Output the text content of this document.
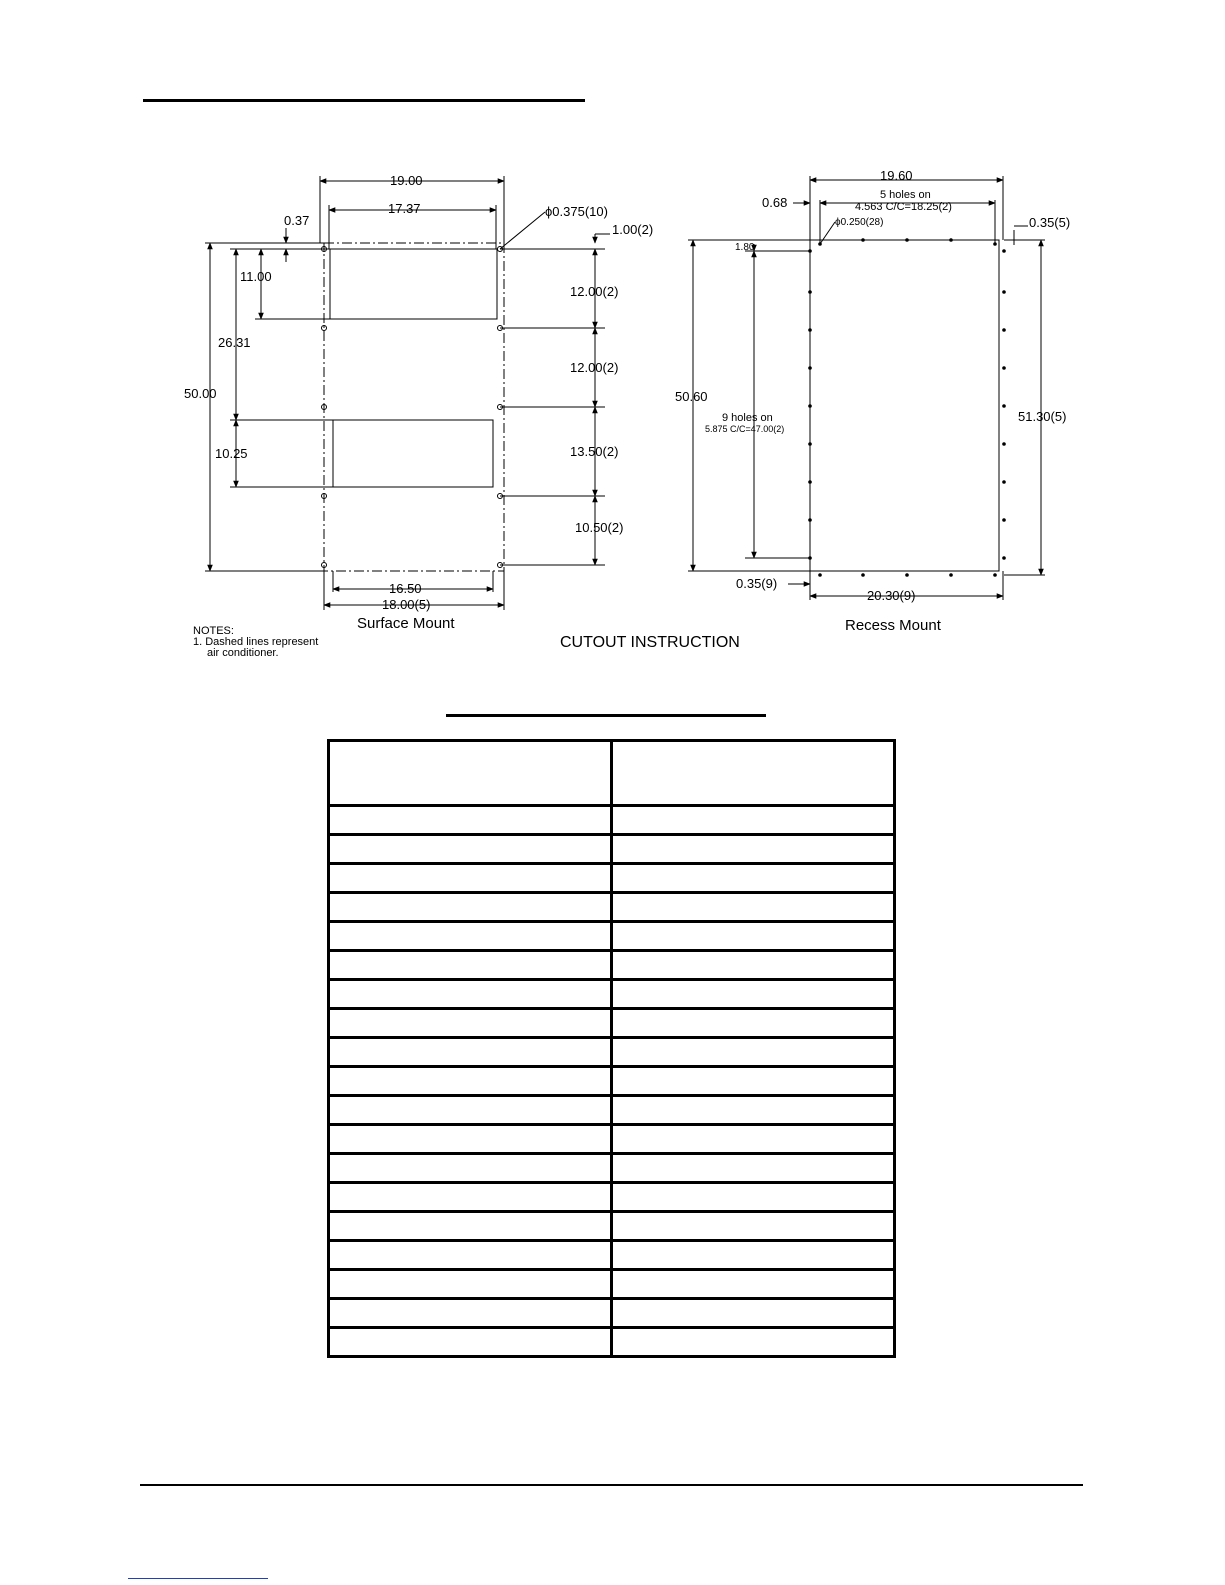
19.00
17.37	ϕ0.375(10)
0.37
11.00
26.31
50.00
10.25
1.00(2)
12.00(2)
12.00(2)
13.50(2)
10.50(2)
16.50
18.00(5)
Surface Mount
19.60
0.68	5 holes on
4.563 C/C=18.25(2)
ϕ0.250(28)	0.35(5)
1.80
50.60
9 holes on
5.875 C/C=47.00(2)
51.30(5)
0.35(9)
20.30(9)
Recess Mount
NOTES:
1. Dashed lines represent
air conditioner.
CUTOUT INSTRUCTION
